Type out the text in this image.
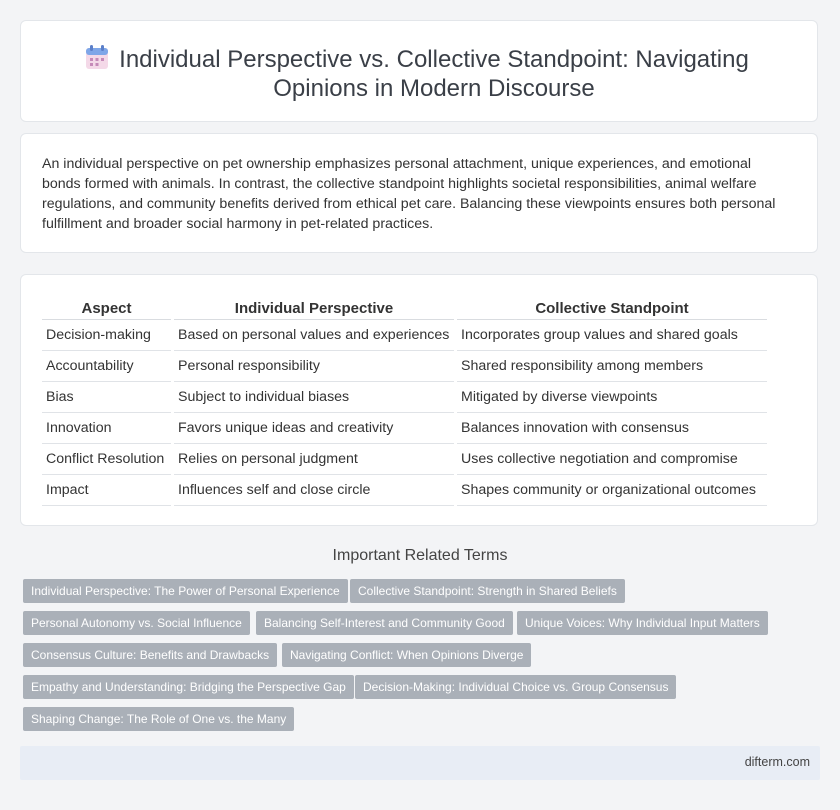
Individual Perspective vs. Collective Standpoint: Navigating Opinions in Modern Discourse

An individual perspective on pet ownership emphasizes personal attachment, unique experiences, and emotional bonds formed with animals. In contrast, the collective standpoint highlights societal responsibilities, animal welfare regulations, and community benefits derived from ethical pet care. Balancing these viewpoints ensures both personal fulfillment and broader social harmony in pet-related practices.

Aspect	Individual Perspective	Collective Standpoint
Decision-making	Based on personal values and experiences	Incorporates group values and shared goals
Accountability	Personal responsibility	Shared responsibility among members
Bias	Subject to individual biases	Mitigated by diverse viewpoints
Innovation	Favors unique ideas and creativity	Balances innovation with consensus
Conflict Resolution	Relies on personal judgment	Uses collective negotiation and compromise
Impact	Influences self and close circle	Shapes community or organizational outcomes
Important Related Terms
Individual Perspective: The Power of Personal Experience	Collective Standpoint: Strength in Shared Beliefs
Personal Autonomy vs. Social Influence	Balancing Self-Interest and Community Good	Unique Voices: Why Individual Input Matters
Consensus Culture: Benefits and Drawbacks	Navigating Conflict: When Opinions Diverge
Empathy and Understanding: Bridging the Perspective Gap	Decision-Making: Individual Choice vs. Group Consensus
Shaping Change: The Role of One vs. the Many
difterm.com
